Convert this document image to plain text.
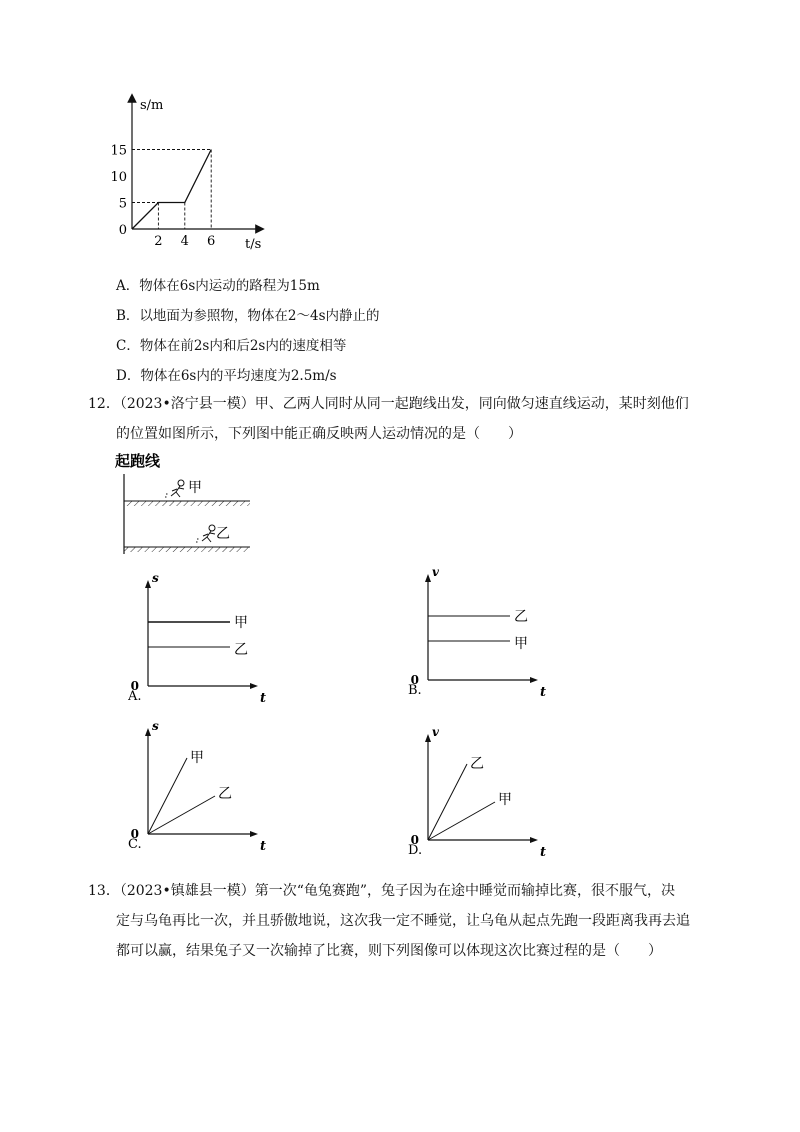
s/m
t/s
5
10
15
0
2 4 6
A．物体在6s内运动的路程为15m
B．以地面为参照物，物体在2～4s内静止的
C．物体在前2s内和后2s内的速度相等
D．物体在6s内的平均速度为2.5m/s
12．（2023•洛宁县一模）甲、乙两人同时从同一起跑线出发，同向做匀速直线运动，某时刻他们
的位置如图所示，下列图中能正确反映两人运动情况的是（　　）
起跑线
甲
乙
s
t
0
A.
甲
乙
v
t
0
B.
乙
甲
s
t
0
C.
甲
乙
v
t
0
D.
乙
甲
13．（2023•镇雄县一模）第一次“龟兔赛跑”，兔子因为在途中睡觉而输掉比赛，很不服气，决
定与乌龟再比一次，并且骄傲地说，这次我一定不睡觉，让乌龟从起点先跑一段距离我再去追
都可以赢，结果兔子又一次输掉了比赛，则下列图像可以体现这次比赛过程的是（　　）
